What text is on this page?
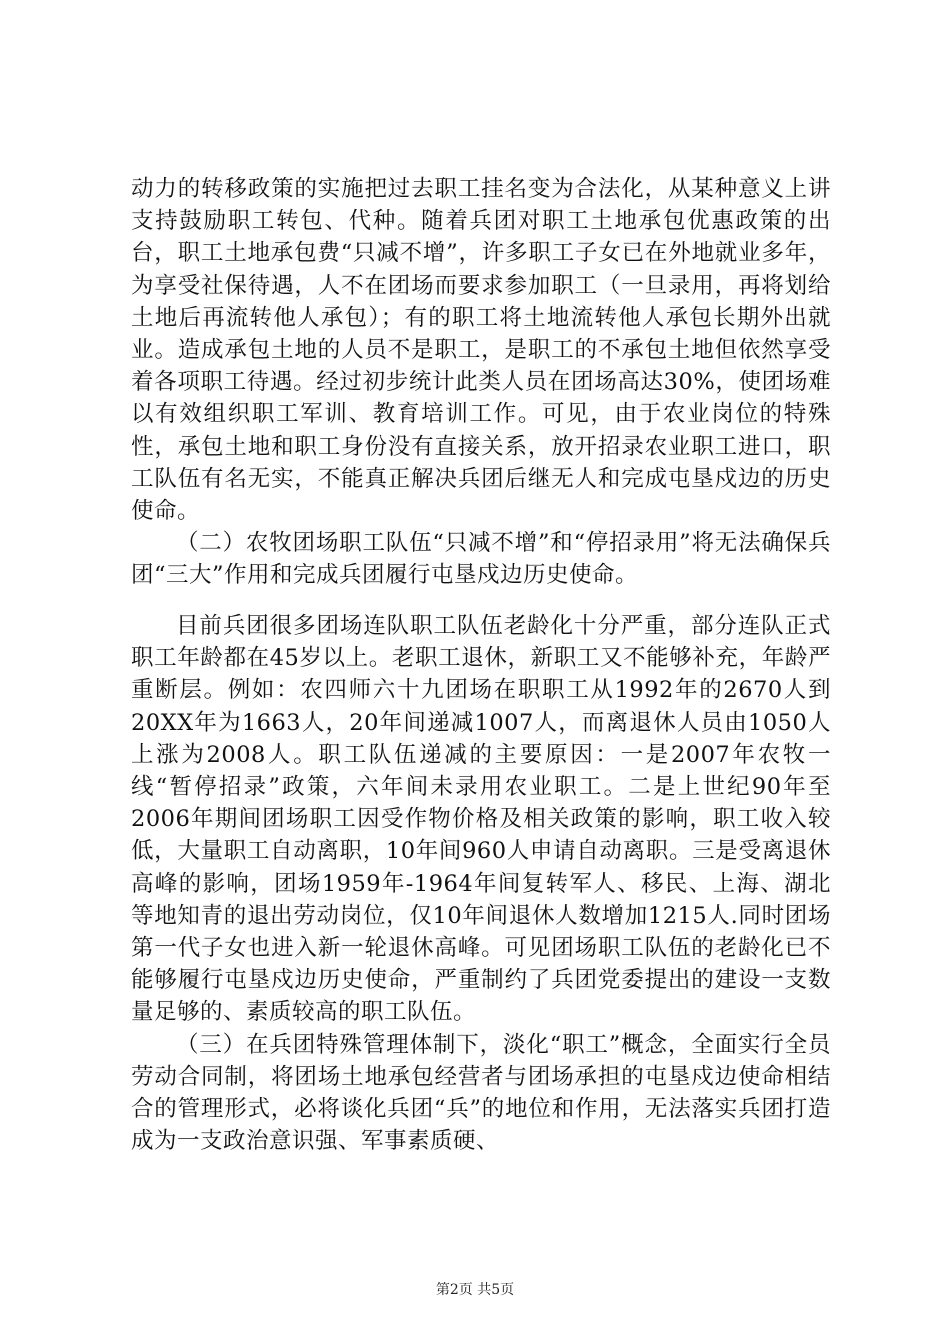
动力的转移政策的实施把过去职工挂名变为合法化，从某种意义上讲支持鼓励职工转包、代种。随着兵团对职工土地承包优惠政策的出台，职工土地承包费“只减不增”，许多职工子女已在外地就业多年，为享受社保待遇，人不在团场而要求参加职工（一旦录用，再将划给土地后再流转他人承包）；有的职工将土地流转他人承包长期外出就业。造成承包土地的人员不是职工，是职工的不承包土地但依然享受着各项职工待遇。经过初步统计此类人员在团场高达30%，使团场难以有效组织职工军训、教育培训工作。可见，由于农业岗位的特殊性，承包土地和职工身份没有直接关系，放开招录农业职工进口，职工队伍有名无实，不能真正解决兵团后继无人和完成屯垦戍边的历史使命。

（二）农牧团场职工队伍“只减不增”和“停招录用”将无法确保兵团“三大”作用和完成兵团履行屯垦戍边历史使命。

目前兵团很多团场连队职工队伍老龄化十分严重，部分连队正式职工年龄都在45岁以上。老职工退休，新职工又不能够补充，年龄严重断层。例如：农四师六十九团场在职职工从1992年的2670人到20XX年为1663人，20年间递减1007人，而离退休人员由1050人上涨为2008人。职工队伍递减的主要原因：一是2007年农牧一线“暂停招录”政策，六年间未录用农业职工。二是上世纪90年至2006年期间团场职工因受作物价格及相关政策的影响，职工收入较低，大量职工自动离职，10年间960人申请自动离职。三是受离退休高峰的影响，团场1959年-1964年间复转军人、移民、上海、湖北等地知青的退出劳动岗位，仅10年间退休人数增加1215人.同时团场第一代子女也进入新一轮退休高峰。可见团场职工队伍的老龄化已不能够履行屯垦戍边历史使命，严重制约了兵团党委提出的建设一支数量足够的、素质较高的职工队伍。

（三）在兵团特殊管理体制下，淡化“职工”概念，全面实行全员劳动合同制，将团场土地承包经营者与团场承担的屯垦戍边使命相结合的管理形式，必将谈化兵团“兵”的地位和作用，无法落实兵团打造成为一支政治意识强、军事素质硬、

第2页 共5页
